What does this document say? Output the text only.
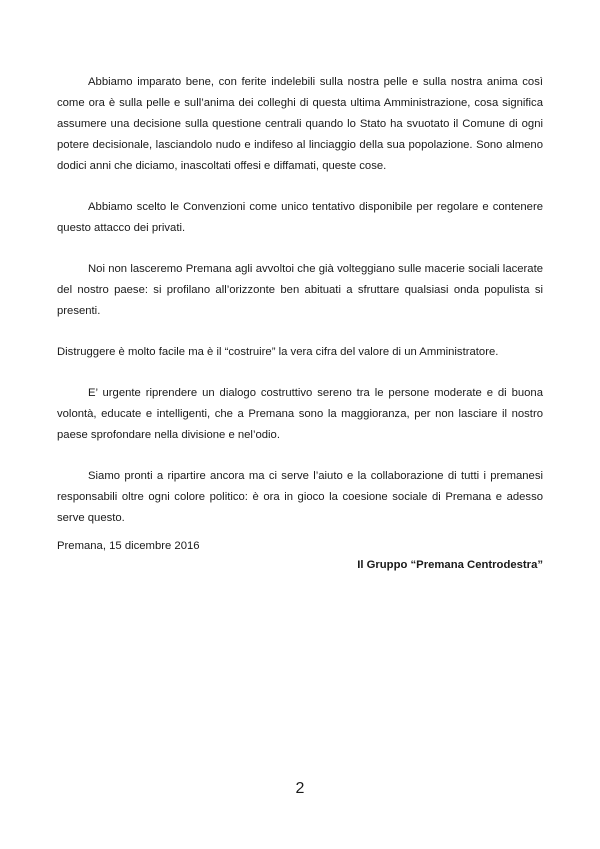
Abbiamo imparato bene, con ferite indelebili sulla nostra pelle e sulla nostra anima così come ora è sulla pelle e sull’anima dei colleghi di questa ultima Amministrazione, cosa significa assumere una decisione sulla questione centrali quando lo Stato ha svuotato il Comune di ogni potere decisionale, lasciandolo nudo e indifeso al linciaggio della sua popolazione. Sono almeno dodici anni che diciamo, inascoltati offesi e diffamati, queste cose.

Abbiamo scelto le Convenzioni come unico tentativo disponibile per regolare e contenere questo attacco dei privati.

Noi non lasceremo Premana agli avvoltoi che già volteggiano sulle macerie sociali lacerate del nostro paese: si profilano all’orizzonte ben abituati a sfruttare qualsiasi onda populista si presenti.

Distruggere è molto facile ma è il “costruire” la vera cifra del valore di un Amministratore.

E’ urgente riprendere un dialogo costruttivo sereno tra le persone moderate e di buona volontà, educate e intelligenti, che a Premana sono la maggioranza, per non lasciare il nostro paese sprofondare nella divisione e nel’odio.

Siamo pronti a ripartire ancora ma ci serve l’aiuto e la collaborazione di tutti i premanesi responsabili oltre ogni colore politico: è ora in gioco la coesione sociale di Premana e adesso serve questo.

Premana, 15 dicembre 2016

Il Gruppo “Premana Centrodestra”

2
